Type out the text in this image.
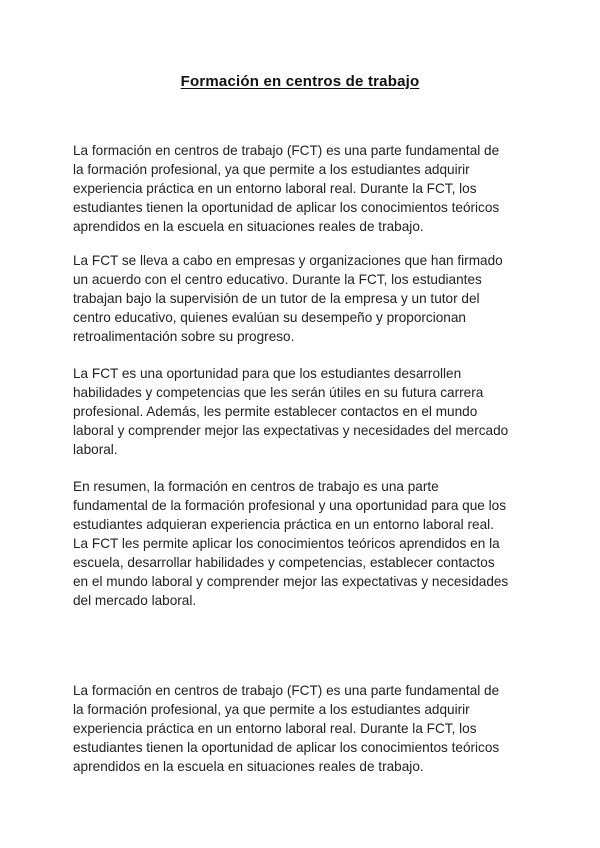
Formación en centros de trabajo

La formación en centros de trabajo (FCT) es una parte fundamental de
la formación profesional, ya que permite a los estudiantes adquirir
experiencia práctica en un entorno laboral real. Durante la FCT, los
estudiantes tienen la oportunidad de aplicar los conocimientos teóricos
aprendidos en la escuela en situaciones reales de trabajo.

La FCT se lleva a cabo en empresas y organizaciones que han firmado
un acuerdo con el centro educativo. Durante la FCT, los estudiantes
trabajan bajo la supervisión de un tutor de la empresa y un tutor del
centro educativo, quienes evalúan su desempeño y proporcionan
retroalimentación sobre su progreso.

La FCT es una oportunidad para que los estudiantes desarrollen
habilidades y competencias que les serán útiles en su futura carrera
profesional. Además, les permite establecer contactos en el mundo
laboral y comprender mejor las expectativas y necesidades del mercado
laboral.

En resumen, la formación en centros de trabajo es una parte
fundamental de la formación profesional y una oportunidad para que los
estudiantes adquieran experiencia práctica en un entorno laboral real.
La FCT les permite aplicar los conocimientos teóricos aprendidos en la
escuela, desarrollar habilidades y competencias, establecer contactos
en el mundo laboral y comprender mejor las expectativas y necesidades
del mercado laboral.

La formación en centros de trabajo (FCT) es una parte fundamental de
la formación profesional, ya que permite a los estudiantes adquirir
experiencia práctica en un entorno laboral real. Durante la FCT, los
estudiantes tienen la oportunidad de aplicar los conocimientos teóricos
aprendidos en la escuela en situaciones reales de trabajo.
